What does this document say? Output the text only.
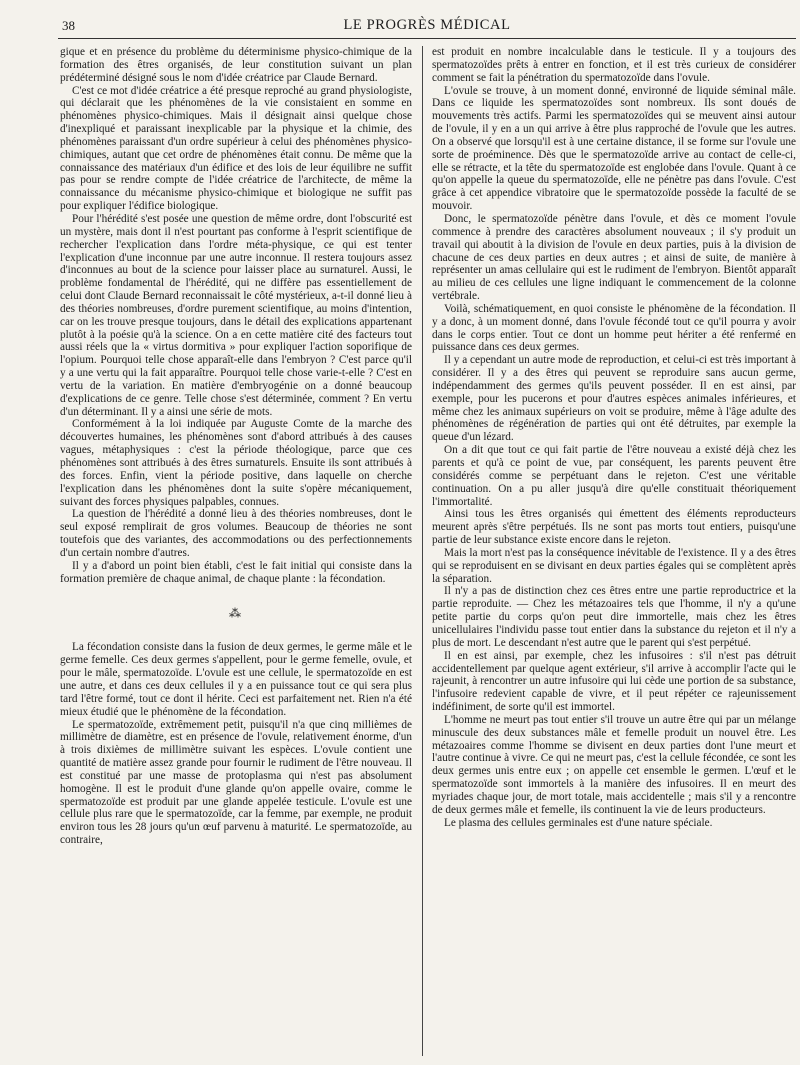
38	LE PROGRÈS MÉDICAL

gique et en présence du problème du déterminisme physico-chimique de la formation des êtres organisés, de leur constitution suivant un plan prédéterminé désigné sous le nom d'idée créatrice par Claude Bernard.

C'est ce mot d'idée créatrice a été presque reproché au grand physiologiste, qui déclarait que les phénomènes de la vie consistaient en somme en phénomènes physico-chimiques. Mais il désignait ainsi quelque chose d'inexpliqué et paraissant inexplicable par la physique et la chimie, des phénomènes paraissant d'un ordre supérieur à celui des phénomènes physico-chimiques, autant que cet ordre de phénomènes était connu. De même que la connaissance des matériaux d'un édifice et des lois de leur équilibre ne suffit pas pour se rendre compte de l'idée créatrice de l'architecte, de même la connaissance du mécanisme physico-chimique et biologique ne suffit pas pour expliquer l'édifice biologique.

Pour l'hérédité s'est posée une question de même ordre, dont l'obscurité est un mystère, mais dont il n'est pourtant pas conforme à l'esprit scientifique de rechercher l'explication dans l'ordre méta-physique, ce qui est tenter l'explication d'une inconnue par une autre inconnue. Il restera toujours assez d'inconnues au bout de la science pour laisser place au surnaturel. Aussi, le problème fondamental de l'hérédité, qui ne diffère pas essentiellement de celui dont Claude Bernard reconnaissait le côté mystérieux, a-t-il donné lieu à des théories nombreuses, d'ordre purement scientifique, au moins d'intention, car on les trouve presque toujours, dans le détail des explications appartenant plutôt à la poésie qu'à la science. On a en cette matière cité des facteurs tout aussi réels que la « virtus dormitiva » pour expliquer l'action soporifique de l'opium. Pourquoi telle chose apparaît-elle dans l'embryon ? C'est parce qu'il y a une vertu qui la fait apparaître. Pourquoi telle chose varie-t-elle ? C'est en vertu de la variation. En matière d'embryogénie on a donné beaucoup d'explications de ce genre. Telle chose s'est déterminée, comment ? En vertu d'un déterminant. Il y a ainsi une série de mots.

Conformément à la loi indiquée par Auguste Comte de la marche des découvertes humaines, les phénomènes sont d'abord attribués à des causes vagues, métaphysiques : c'est la période théologique, parce que ces phénomènes sont attribués à des êtres surnaturels. Ensuite ils sont attribués à des forces. Enfin, vient la période positive, dans laquelle on cherche l'explication dans les phénomènes dont la suite s'opère mécaniquement, suivant des forces physiques palpables, connues.

La question de l'hérédité a donné lieu à des théories nombreuses, dont le seul exposé remplirait de gros volumes. Beaucoup de théories ne sont toutefois que des variantes, des accommodations ou des perfectionnements d'un certain nombre d'autres.

Il y a d'abord un point bien établi, c'est le fait initial qui consiste dans la formation première de chaque animal, de chaque plante : la fécondation.

⁂

La fécondation consiste dans la fusion de deux germes, le germe mâle et le germe femelle. Ces deux germes s'appellent, pour le germe femelle, ovule, et pour le mâle, spermatozoïde. L'ovule est une cellule, le spermatozoïde en est une autre, et dans ces deux cellules il y a en puissance tout ce qui sera plus tard l'être formé, tout ce dont il hérite. Ceci est parfaitement net. Rien n'a été mieux étudié que le phénomène de la fécondation.

Le spermatozoïde, extrêmement petit, puisqu'il n'a que cinq millièmes de millimètre de diamètre, est en présence de l'ovule, relativement énorme, d'un à trois dixièmes de millimètre suivant les espèces. L'ovule contient une quantité de matière assez grande pour fournir le rudiment de l'être nouveau. Il est constitué par une masse de protoplasma qui n'est pas absolument homogène. Il est le produit d'une glande qu'on appelle ovaire, comme le spermatozoïde est produit par une glande appelée testicule. L'ovule est une cellule plus rare que le spermatozoïde, car la femme, par exemple, ne produit environ tous les 28 jours qu'un œuf parvenu à maturité. Le spermatozoïde, au contraire,

est produit en nombre incalculable dans le testicule. Il y a toujours des spermatozoïdes prêts à entrer en fonction, et il est très curieux de considérer comment se fait la pénétration du spermatozoïde dans l'ovule.

L'ovule se trouve, à un moment donné, environné de liquide séminal mâle. Dans ce liquide les spermatozoïdes sont nombreux. Ils sont doués de mouvements très actifs. Parmi les spermatozoïdes qui se meuvent ainsi autour de l'ovule, il y en a un qui arrive à être plus rapproché de l'ovule que les autres. On a observé que lorsqu'il est à une certaine distance, il se forme sur l'ovule une sorte de proéminence. Dès que le spermatozoïde arrive au contact de celle-ci, elle se rétracte, et la tête du spermatozoïde est englobée dans l'ovule. Quant à ce qu'on appelle la queue du spermatozoïde, elle ne pénètre pas dans l'ovule. C'est grâce à cet appendice vibratoire que le spermatozoïde possède la faculté de se mouvoir.

Donc, le spermatozoïde pénètre dans l'ovule, et dès ce moment l'ovule commence à prendre des caractères absolument nouveaux ; il s'y produit un travail qui aboutit à la division de l'ovule en deux parties, puis à la division de chacune de ces deux parties en deux autres ; et ainsi de suite, de manière à représenter un amas cellulaire qui est le rudiment de l'embryon. Bientôt apparaît au milieu de ces cellules une ligne indiquant le commencement de la colonne vertébrale.

Voilà, schématiquement, en quoi consiste le phénomène de la fécondation. Il y a donc, à un moment donné, dans l'ovule fécondé tout ce qu'il pourra y avoir dans le corps entier. Tout ce dont un homme peut hériter a été renfermé en puissance dans ces deux germes.

Il y a cependant un autre mode de reproduction, et celui-ci est très important à considérer. Il y a des êtres qui peuvent se reproduire sans aucun germe, indépendamment des germes qu'ils peuvent posséder. Il en est ainsi, par exemple, pour les pucerons et pour d'autres espèces animales inférieures, et même chez les animaux supérieurs on voit se produire, même à l'âge adulte des phénomènes de régénération de parties qui ont été détruites, par exemple la queue d'un lézard.

On a dit que tout ce qui fait partie de l'être nouveau a existé déjà chez les parents et qu'à ce point de vue, par conséquent, les parents peuvent être considérés comme se perpétuant dans le rejeton. C'est une véritable continuation. On a pu aller jusqu'à dire qu'elle constituait théoriquement l'immortalité.

Ainsi tous les êtres organisés qui émettent des éléments reproducteurs meurent après s'être perpétués. Ils ne sont pas morts tout entiers, puisqu'une partie de leur substance existe encore dans le rejeton.

Mais la mort n'est pas la conséquence inévitable de l'existence. Il y a des êtres qui se reproduisent en se divisant en deux parties égales qui se complètent après la séparation.

Il n'y a pas de distinction chez ces êtres entre une partie reproductrice et la partie reproduite. — Chez les métazoaires tels que l'homme, il n'y a qu'une petite partie du corps qu'on peut dire immortelle, mais chez les êtres unicellulaires l'individu passe tout entier dans la substance du rejeton et il n'y a plus de mort. Le descendant n'est autre que le parent qui s'est perpétué.

Il en est ainsi, par exemple, chez les infusoires : s'il n'est pas détruit accidentellement par quelque agent extérieur, s'il arrive à accomplir l'acte qui le rajeunit, à rencontrer un autre infusoire qui lui cède une portion de sa substance, l'infusoire redevient capable de vivre, et il peut répéter ce rajeunissement indéfiniment, de sorte qu'il est immortel.

L'homme ne meurt pas tout entier s'il trouve un autre être qui par un mélange minuscule des deux substances mâle et femelle produit un nouvel être. Les métazoaires comme l'homme se divisent en deux parties dont l'une meurt et l'autre continue à vivre. Ce qui ne meurt pas, c'est la cellule fécondée, ce sont les deux germes unis entre eux ; on appelle cet ensemble le germen. L'œuf et le spermatozoïde sont immortels à la manière des infusoires. Il en meurt des myriades chaque jour, de mort totale, mais accidentelle ; mais s'il y a rencontre de deux germes mâle et femelle, ils continuent la vie de leurs producteurs.

Le plasma des cellules germinales est d'une nature spéciale.
